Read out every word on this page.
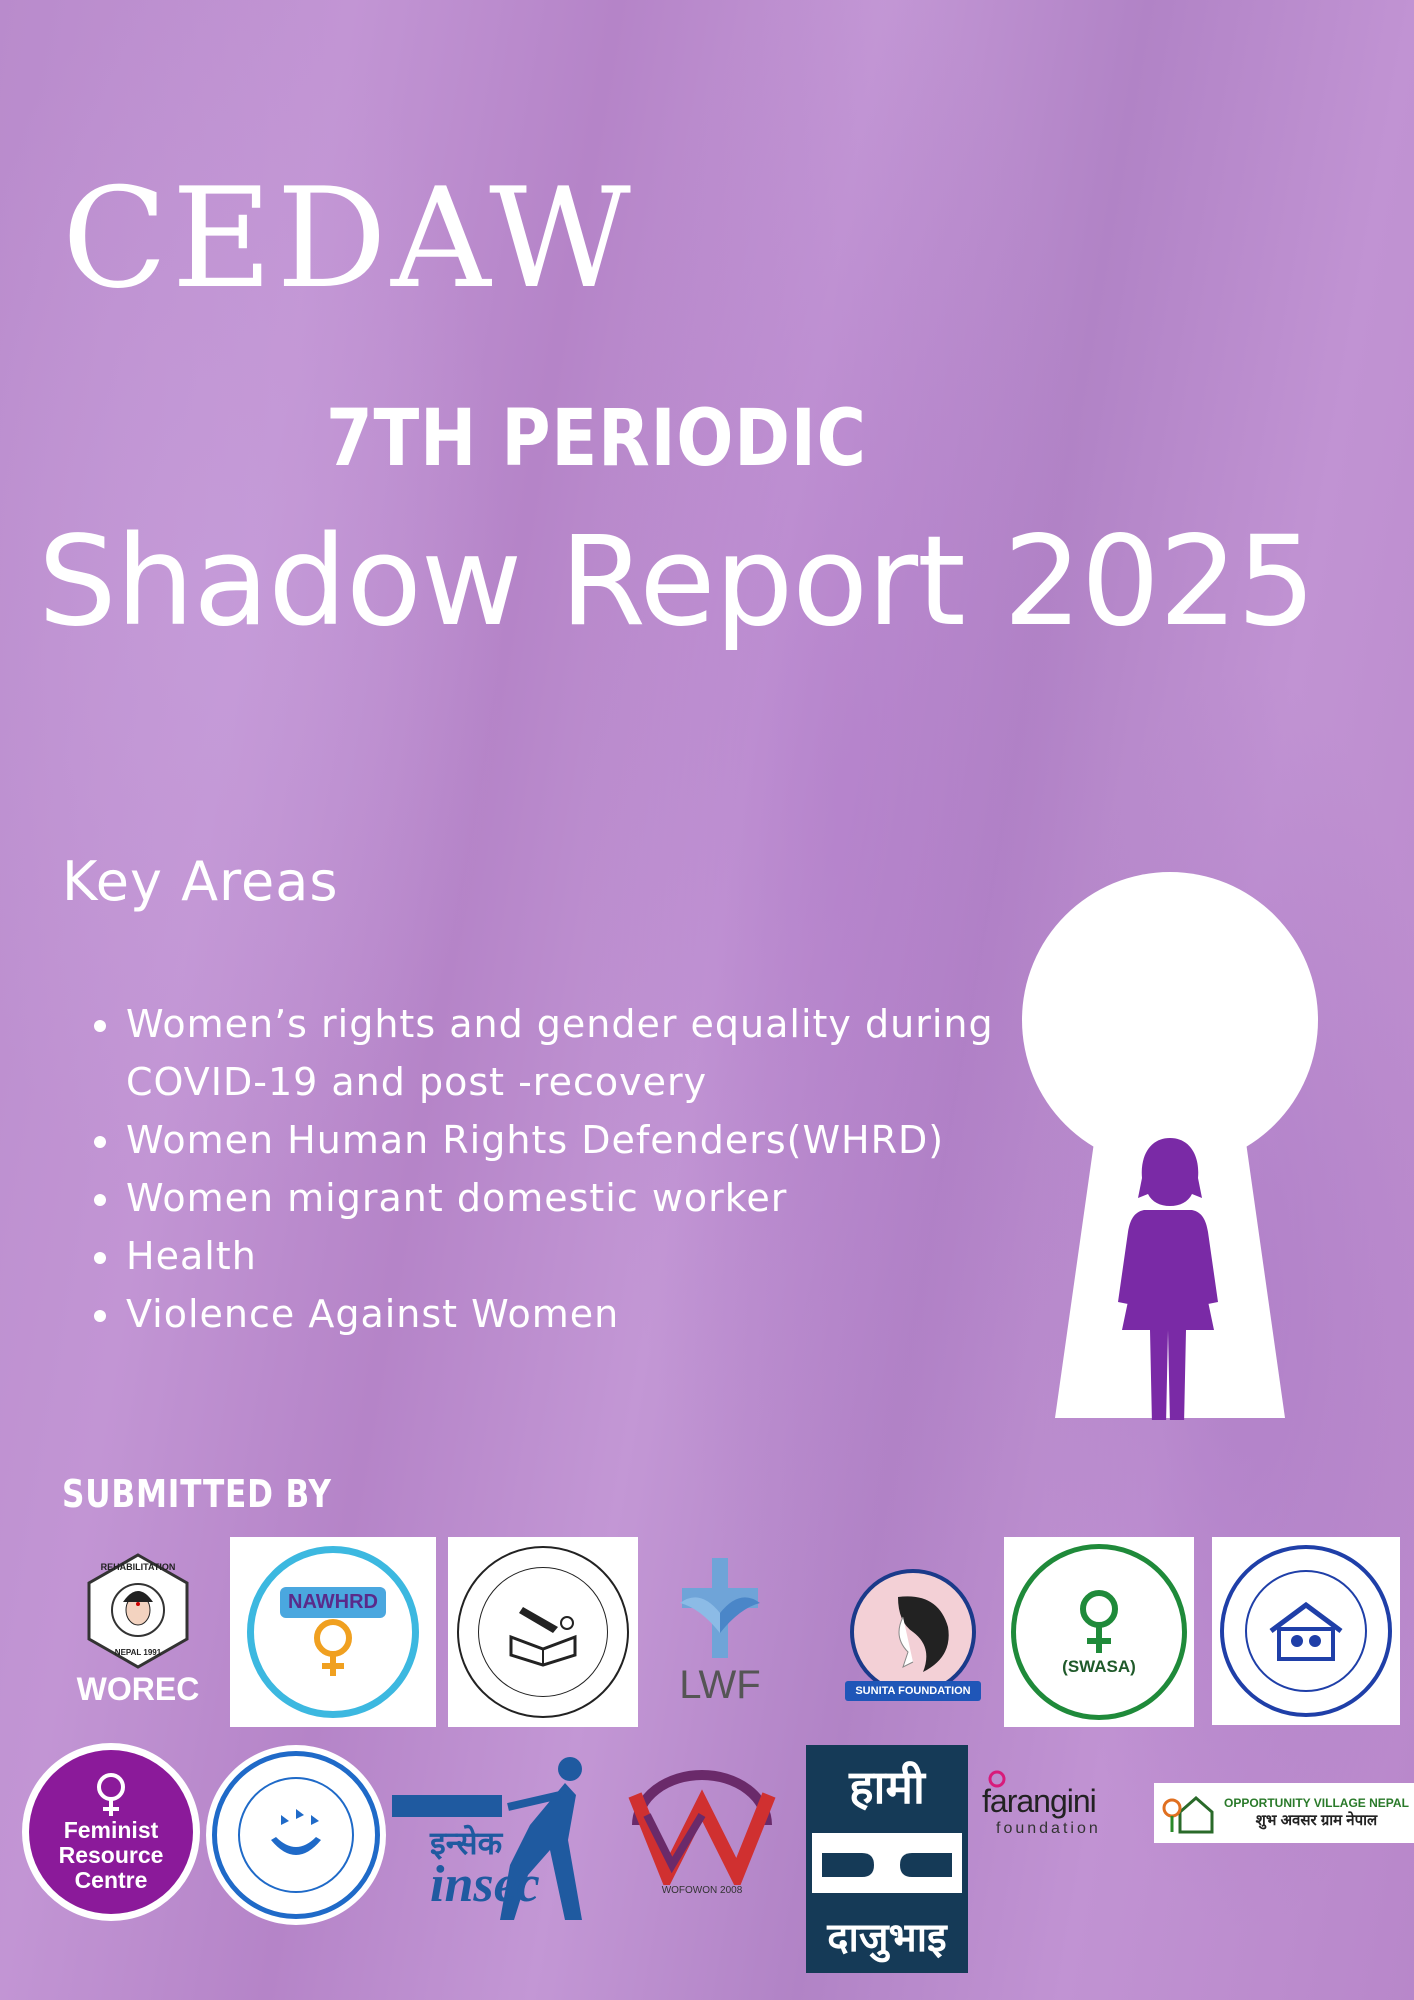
CEDAW
7TH PERIODIC
Shadow Report 2025
Key Areas
• Women’s rights and gender equality during COVID-19 and post -recovery
• Women Human Rights Defenders(WHRD)
• Women migrant domestic worker
• Health
• Violence Against Women
SUBMITTED BY
REHABILITATION
NEPAL 1991
WOREC
NAWHRD
LWF	SUNITA FOUNDATION
(SWASA)
Feminist
Resource
Centre
इन्सेक
insec	WOFOWON 2008
हामी
दाजुभाइ
farangini
foundation
OPPORTUNITY VILLAGE NEPAL
शुभ अवसर ग्राम नेपाल
